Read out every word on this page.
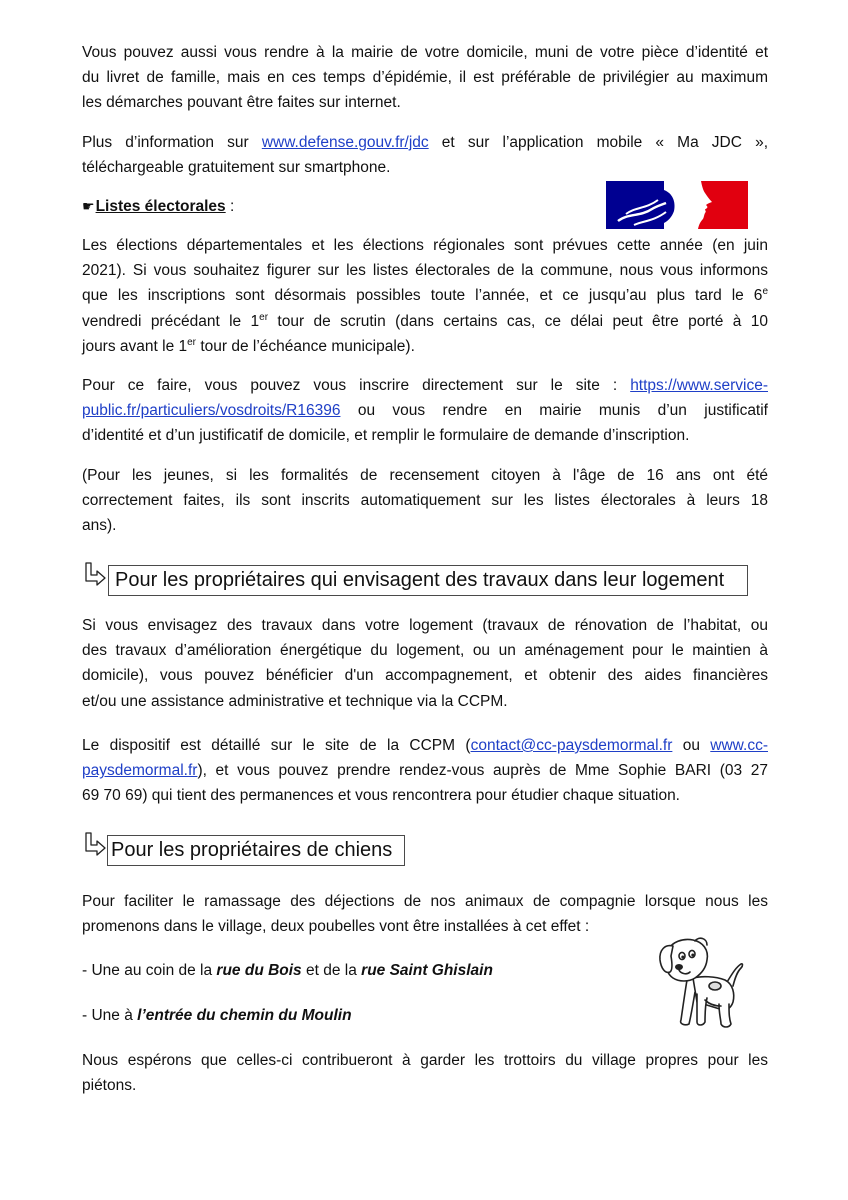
Vous pouvez aussi vous rendre à la mairie de votre domicile, muni de votre pièce d’identité et
du livret de famille, mais en ces temps d’épidémie, il est préférable de privilégier au maximum
les démarches pouvant être faites sur internet.
Plus d’information sur www.defense.gouv.fr/jdc et sur l’application mobile « Ma JDC »,
téléchargeable gratuitement sur smartphone.
☛ Listes électorales :
Les élections départementales et les élections régionales sont prévues cette année (en juin
2021). Si vous souhaitez figurer sur les listes électorales de la commune, nous vous informons
que les inscriptions sont désormais possibles toute l’année, et ce jusqu’au plus tard le 6e
vendredi précédant le 1er tour de scrutin (dans certains cas, ce délai peut être porté à 10
jours avant le 1er tour de l’échéance municipale).
Pour ce faire, vous pouvez vous inscrire directement sur le site : https://www.service-
public.fr/particuliers/vosdroits/R16396 ou vous rendre en mairie munis d’un justificatif
d’identité et d’un justificatif de domicile, et remplir le formulaire de demande d’inscription.
(Pour les jeunes, si les formalités de recensement citoyen à l'âge de 16 ans ont été
correctement faites, ils sont inscrits automatiquement sur les listes électorales à leurs 18
ans).
Pour les propriétaires qui envisagent des travaux dans leur logement
Si vous envisagez des travaux dans votre logement (travaux de rénovation de l’habitat, ou
des travaux d’amélioration énergétique du logement, ou un aménagement pour le maintien à
domicile), vous pouvez bénéficier d'un accompagnement, et obtenir des aides financières
et/ou une assistance administrative et technique via la CCPM.
Le dispositif est détaillé sur le site de la CCPM (contact@cc-paysdemormal.fr ou www.cc-
paysdemormal.fr), et vous pouvez prendre rendez-vous auprès de Mme Sophie BARI (03 27
69 70 69) qui tient des permanences et vous rencontrera pour étudier chaque situation.
Pour les propriétaires de chiens
Pour faciliter le ramassage des déjections de nos animaux de compagnie lorsque nous les
promenons dans le village, deux poubelles vont être installées à cet effet :
- Une au coin de la rue du Bois et de la rue Saint Ghislain
- Une à l’entrée du chemin du Moulin
Nous espérons que celles-ci contribueront à garder les trottoirs du village propres pour les
piétons.
